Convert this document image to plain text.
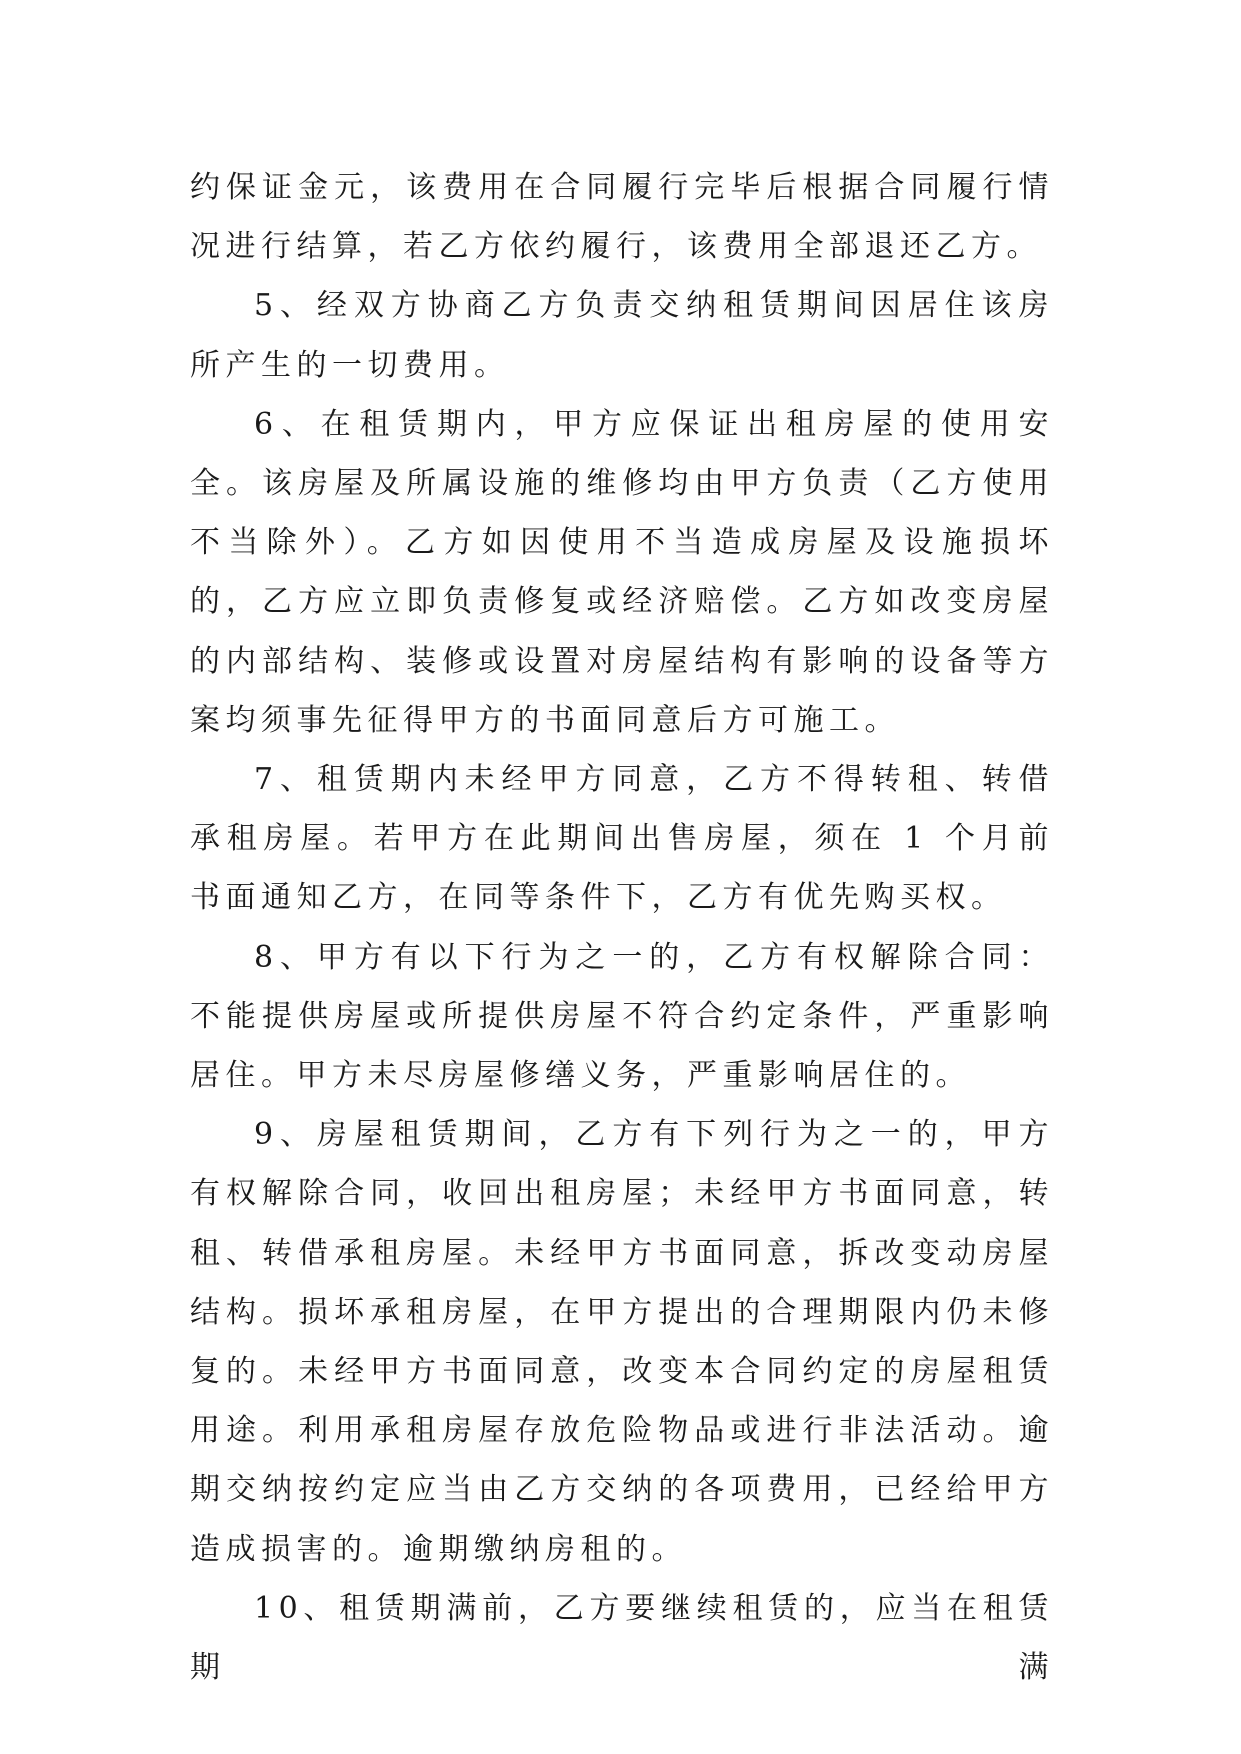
约保证金元，该费用在合同履行完毕后根据合同履行情况进行结算，若乙方依约履行，该费用全部退还乙方。

5、经双方协商乙方负责交纳租赁期间因居住该房所产生的一切费用。

6、在租赁期内，甲方应保证出租房屋的使用安全。该房屋及所属设施的维修均由甲方负责（乙方使用不当除外）。乙方如因使用不当造成房屋及设施损坏的，乙方应立即负责修复或经济赔偿。乙方如改变房屋的内部结构、装修或设置对房屋结构有影响的设备等方案均须事先征得甲方的书面同意后方可施工。

7、租赁期内未经甲方同意，乙方不得转租、转借承租房屋。若甲方在此期间出售房屋，须在 1 个月前书面通知乙方，在同等条件下，乙方有优先购买权。

8、甲方有以下行为之一的，乙方有权解除合同：不能提供房屋或所提供房屋不符合约定条件，严重影响居住。甲方未尽房屋修缮义务，严重影响居住的。

9、房屋租赁期间，乙方有下列行为之一的，甲方有权解除合同，收回出租房屋；未经甲方书面同意，转租、转借承租房屋。未经甲方书面同意，拆改变动房屋结构。损坏承租房屋，在甲方提出的合理期限内仍未修复的。未经甲方书面同意，改变本合同约定的房屋租赁用途。利用承租房屋存放危险物品或进行非法活动。逾期交纳按约定应当由乙方交纳的各项费用，已经给甲方造成损害的。逾期缴纳房租的。

10、租赁期满前，乙方要继续租赁的，应当在租赁期满
